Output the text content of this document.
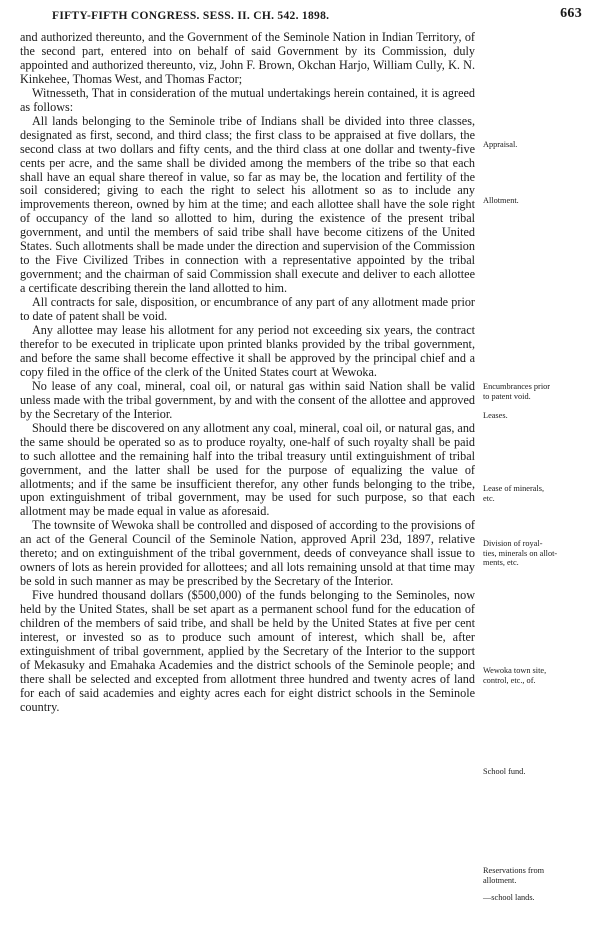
FIFTY-FIFTH CONGRESS. SESS. II. CH. 542. 1898.	663

and authorized thereunto, and the Government of the Seminole Nation in Indian Territory, of the second part, entered into on behalf of said Government by its Commission, duly appointed and authorized thereunto, viz, John F. Brown, Okchan Harjo, William Cully, K. N. Kinkehee, Thomas West, and Thomas Factor;

Witnesseth, That in consideration of the mutual undertakings herein contained, it is agreed as follows:

All lands belonging to the Seminole tribe of Indians shall be divided into three classes, designated as first, second, and third class; the first class to be appraised at five dollars, the second class at two dollars and fifty cents, and the third class at one dollar and twenty-five cents per acre, and the same shall be divided among the members of the tribe so that each shall have an equal share thereof in value, so far as may be, the location and fertility of the soil considered; giving to each the right to select his allotment so as to include any improvements thereon, owned by him at the time; and each allottee shall have the sole right of occupancy of the land so allotted to him, during the existence of the present tribal government, and until the members of said tribe shall have become citizens of the United States. Such allotments shall be made under the direction and supervision of the Commission to the Five Civilized Tribes in connection with a representative appointed by the tribal government; and the chairman of said Commission shall execute and deliver to each allottee a certificate describing therein the land allotted to him.

All contracts for sale, disposition, or encumbrance of any part of any allotment made prior to date of patent shall be void.

Any allottee may lease his allotment for any period not exceeding six years, the contract therefor to be executed in triplicate upon printed blanks provided by the tribal government, and before the same shall become effective it shall be approved by the principal chief and a copy filed in the office of the clerk of the United States court at Wewoka.

No lease of any coal, mineral, coal oil, or natural gas within said Nation shall be valid unless made with the tribal government, by and with the consent of the allottee and approved by the Secretary of the Interior.

Should there be discovered on any allotment any coal, mineral, coal oil, or natural gas, and the same should be operated so as to produce royalty, one-half of such royalty shall be paid to such allottee and the remaining half into the tribal treasury until extinguishment of tribal government, and the latter shall be used for the purpose of equalizing the value of allotments; and if the same be insufficient therefor, any other funds belonging to the tribe, upon extinguishment of tribal government, may be used for such purpose, so that each allotment may be made equal in value as aforesaid.

The townsite of Wewoka shall be controlled and disposed of according to the provisions of an act of the General Council of the Seminole Nation, approved April 23d, 1897, relative thereto; and on extinguishment of the tribal government, deeds of conveyance shall issue to owners of lots as herein provided for allottees; and all lots remaining unsold at that time may be sold in such manner as may be prescribed by the Secretary of the Interior.

Five hundred thousand dollars ($500,000) of the funds belonging to the Seminoles, now held by the United States, shall be set apart as a permanent school fund for the education of children of the members of said tribe, and shall be held by the United States at five per cent interest, or invested so as to produce such amount of interest, which shall be, after extinguishment of tribal government, applied by the Secretary of the Interior to the support of Mekasuky and Emahaka Academies and the district schools of the Seminole people; and there shall be selected and excepted from allotment three hundred and twenty acres of land for each of said academies and eighty acres each for eight district schools in the Seminole country.

Appraisal.
Allotment.
Encumbrances prior
to patent void.
Leases.
Lease of minerals,
etc.
Division of royal-
ties, minerals on allot-
ments, etc.
Wewoka town site,
control, etc., of.
School fund.
Reservations from
allotment.
—school lands.
